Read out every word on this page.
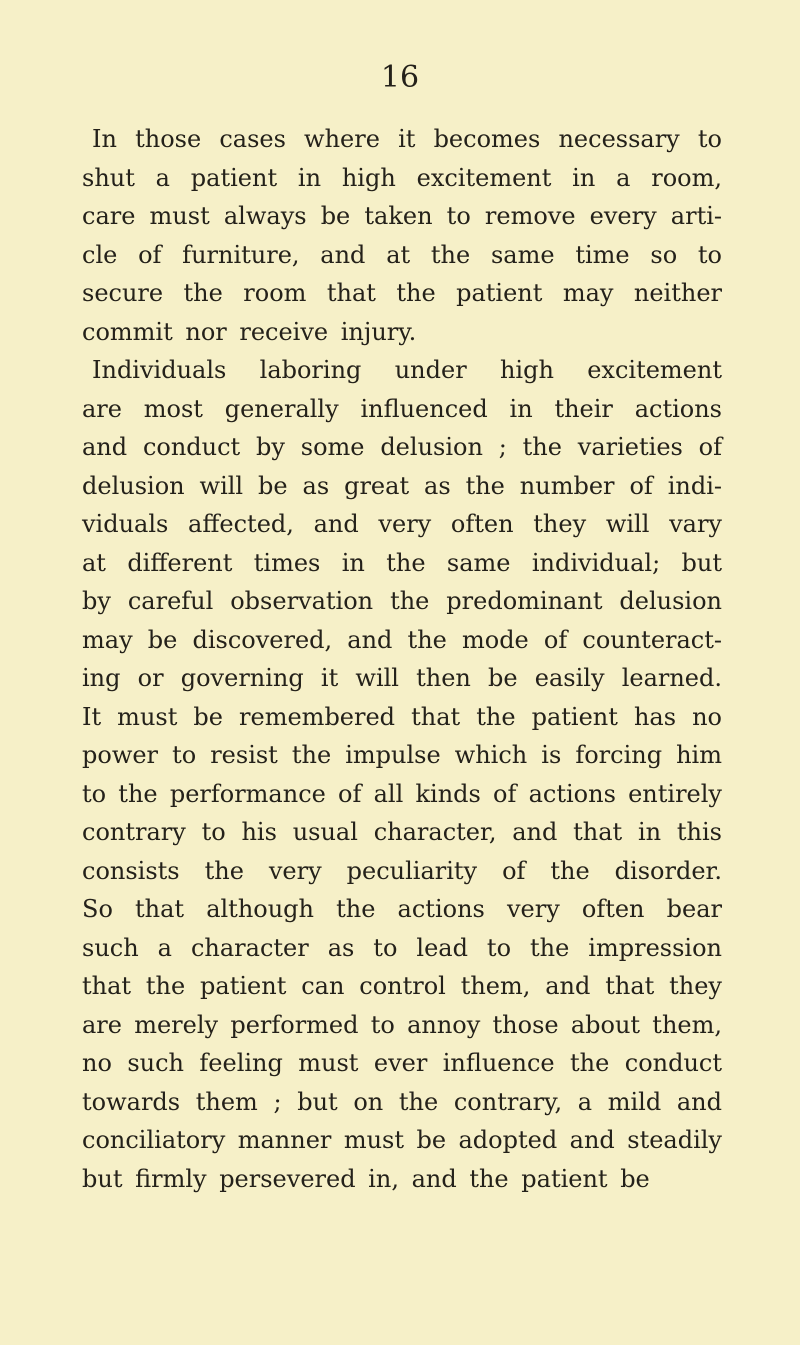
16
In those cases where it becomes necessary to
shut a patient in high excitement in a room,
care must always be taken to remove every arti-
cle of furniture, and at the same time so to
secure the room that the patient may neither
commit nor receive injury.
Individuals laboring under high excitement
are most generally influenced in their actions
and conduct by some delusion ; the varieties of
delusion will be as great as the number of indi-
viduals affected, and very often they will vary
at different times in the same individual; but
by careful observation the predominant delusion
may be discovered, and the mode of counteract-
ing or governing it will then be easily learned.
It must be remembered that the patient has no
power to resist the impulse which is forcing him
to the performance of all kinds of actions entirely
contrary to his usual character, and that in this
consists the very peculiarity of the disorder.
So that although the actions very often bear
such a character as to lead to the impression
that the patient can control them, and that they
are merely performed to annoy those about them,
no such feeling must ever influence the conduct
towards them ; but on the contrary, a mild and
conciliatory manner must be adopted and steadily
but firmly persevered in, and the patient be
